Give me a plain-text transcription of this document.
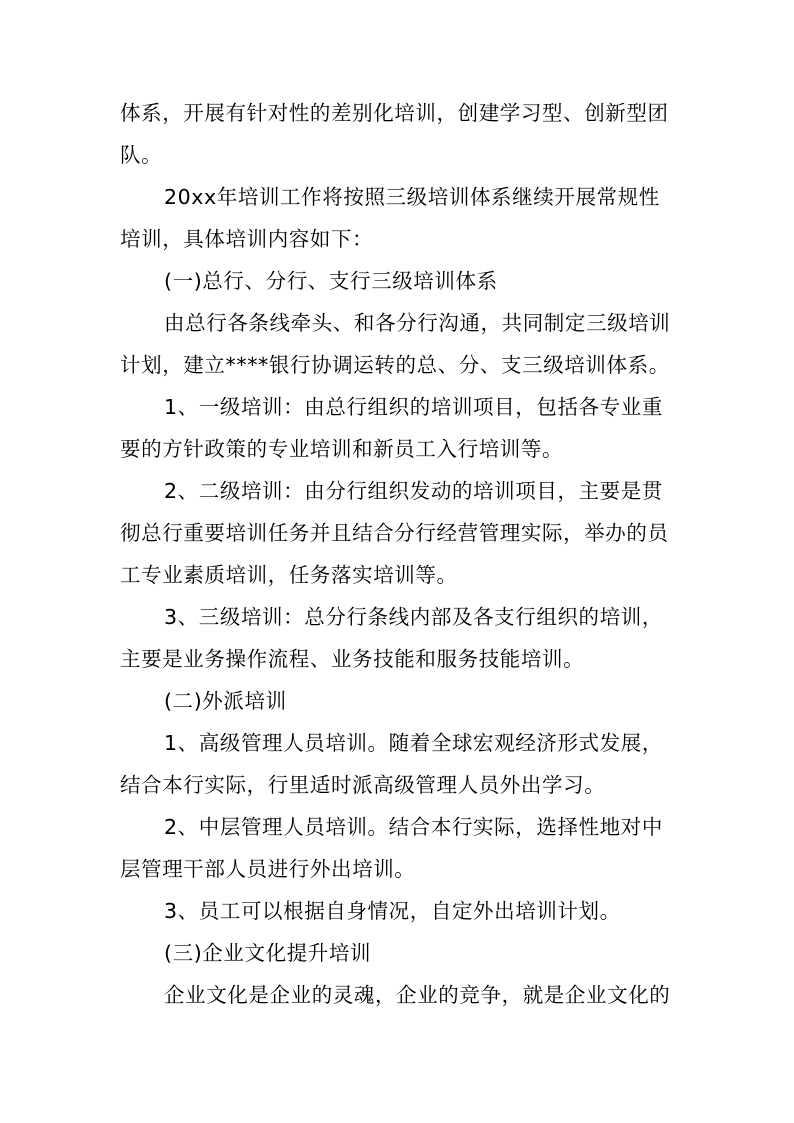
体系，开展有针对性的差别化培训，创建学习型、创新型团
队。
20xx年培训工作将按照三级培训体系继续开展常规性
培训，具体培训内容如下：
(一)总行、分行、支行三级培训体系
由总行各条线牵头、和各分行沟通，共同制定三级培训
计划，建立****银行协调运转的总、分、支三级培训体系。
1、一级培训：由总行组织的培训项目，包括各专业重
要的方针政策的专业培训和新员工入行培训等。
2、二级培训：由分行组织发动的培训项目，主要是贯
彻总行重要培训任务并且结合分行经营管理实际，举办的员
工专业素质培训，任务落实培训等。
3、三级培训：总分行条线内部及各支行组织的培训，
主要是业务操作流程、业务技能和服务技能培训。
(二)外派培训
1、高级管理人员培训。随着全球宏观经济形式发展，
结合本行实际，行里适时派高级管理人员外出学习。
2、中层管理人员培训。结合本行实际，选择性地对中
层管理干部人员进行外出培训。
3、员工可以根据自身情况，自定外出培训计划。
(三)企业文化提升培训
企业文化是企业的灵魂，企业的竞争，就是企业文化的
